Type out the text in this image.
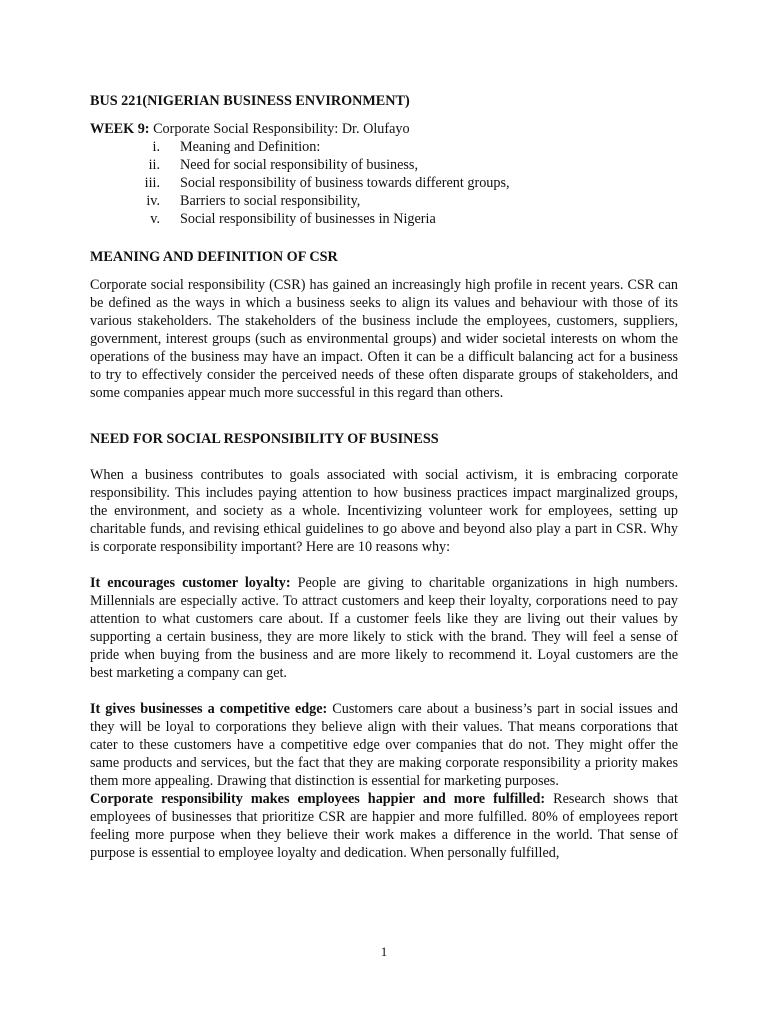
BUS 221(NIGERIAN BUSINESS ENVIRONMENT)

WEEK 9: Corporate Social Responsibility: Dr. Olufayo

i. Meaning and Definition:
ii. Need for social responsibility of business,
iii. Social responsibility of business towards different groups,
iv. Barriers to social responsibility,
v. Social responsibility of businesses in Nigeria

MEANING AND DEFINITION OF CSR

Corporate social responsibility (CSR) has gained an increasingly high profile in recent years. CSR can be defined as the ways in which a business seeks to align its values and behaviour with those of its various stakeholders. The stakeholders of the business include the employees, customers, suppliers, government, interest groups (such as environmental groups) and wider societal interests on whom the operations of the business may have an impact. Often it can be a difficult balancing act for a business to try to effectively consider the perceived needs of these often disparate groups of stakeholders, and some companies appear much more successful in this regard than others.

NEED FOR SOCIAL RESPONSIBILITY OF BUSINESS

When a business contributes to goals associated with social activism, it is embracing corporate responsibility. This includes paying attention to how business practices impact marginalized groups, the environment, and society as a whole. Incentivizing volunteer work for employees, setting up charitable funds, and revising ethical guidelines to go above and beyond also play a part in CSR. Why is corporate responsibility important? Here are 10 reasons why:

It encourages customer loyalty: People are giving to charitable organizations in high numbers. Millennials are especially active. To attract customers and keep their loyalty, corporations need to pay attention to what customers care about. If a customer feels like they are living out their values by supporting a certain business, they are more likely to stick with the brand. They will feel a sense of pride when buying from the business and are more likely to recommend it. Loyal customers are the best marketing a company can get.

It gives businesses a competitive edge: Customers care about a business’s part in social issues and they will be loyal to corporations they believe align with their values. That means corporations that cater to these customers have a competitive edge over companies that do not. They might offer the same products and services, but the fact that they are making corporate responsibility a priority makes them more appealing. Drawing that distinction is essential for marketing purposes.

Corporate responsibility makes employees happier and more fulfilled: Research shows that employees of businesses that prioritize CSR are happier and more fulfilled. 80% of employees report feeling more purpose when they believe their work makes a difference in the world. That sense of purpose is essential to employee loyalty and dedication. When personally fulfilled,

1
